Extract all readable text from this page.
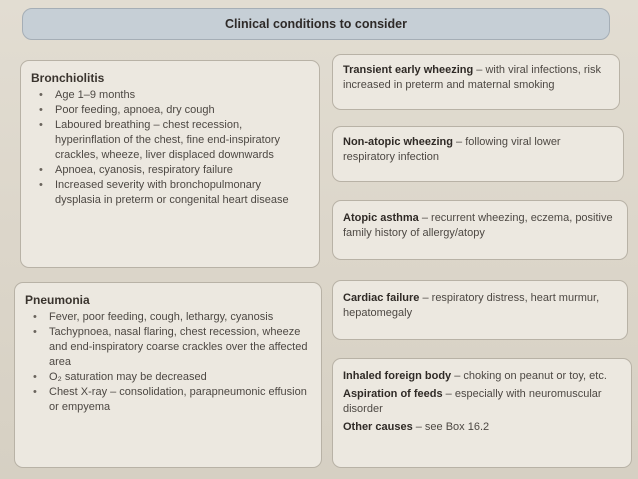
Clinical conditions to consider
Bronchiolitis
• Age 1–9 months
• Poor feeding, apnoea, dry cough
• Laboured breathing – chest recession, hyperinflation of the chest, fine end-inspiratory crackles, wheeze, liver displaced downwards
• Apnoea, cyanosis, respiratory failure
• Increased severity with bronchopulmonary dysplasia in preterm or congenital heart disease
Pneumonia
• Fever, poor feeding, cough, lethargy, cyanosis
• Tachypnoea, nasal flaring, chest recession, wheeze and end-inspiratory coarse crackles over the affected area
• O₂ saturation may be decreased
• Chest X-ray – consolidation, parapneumonic effusion or empyema

Transient early wheezing – with viral infections, risk increased in preterm and maternal smoking

Non-atopic wheezing – following viral lower respiratory infection

Atopic asthma – recurrent wheezing, eczema, positive family history of allergy/atopy

Cardiac failure – respiratory distress, heart murmur, hepatomegaly

Inhaled foreign body – choking on peanut or toy, etc.

Aspiration of feeds – especially with neuromuscular disorder

Other causes – see Box 16.2
